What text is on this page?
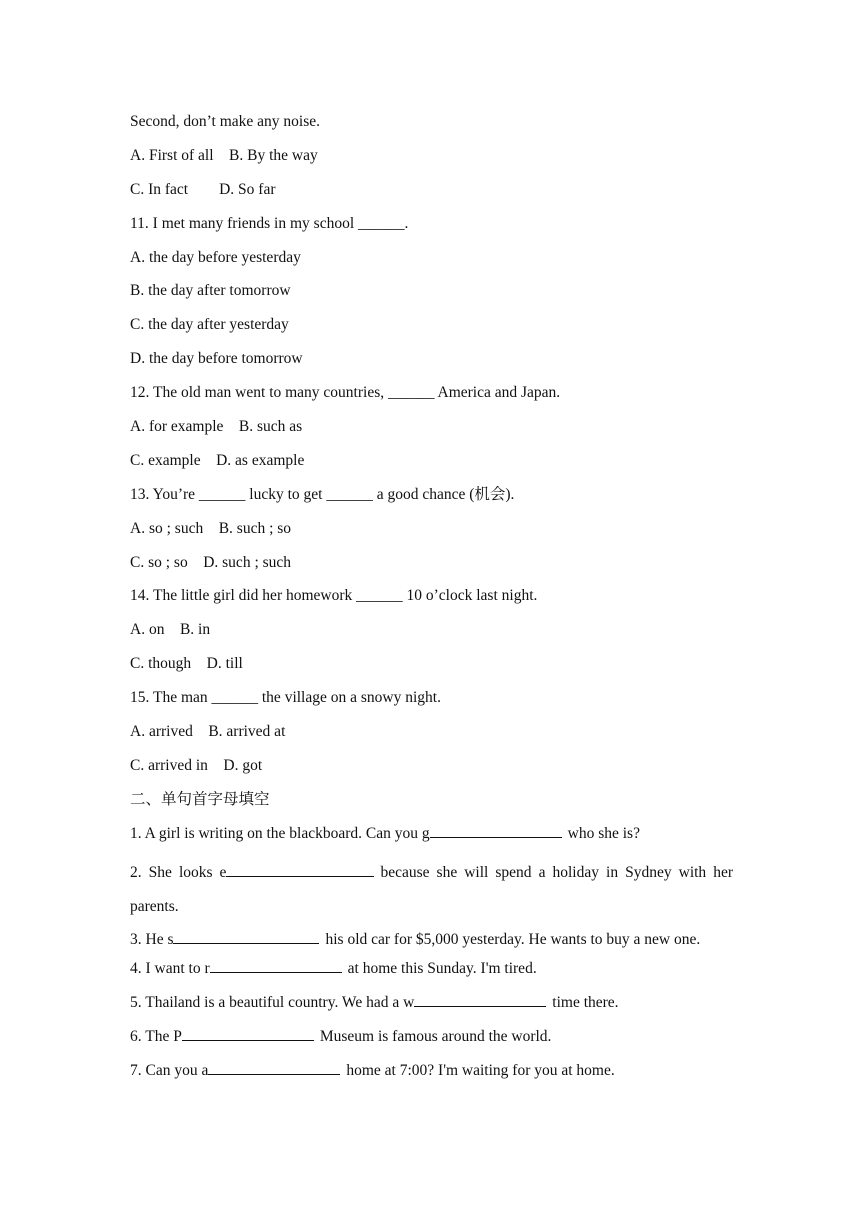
Second, don’t make any noise.
A. First of all    B. By the way
C. In fact        D. So far
11. I met many friends in my school ______.
A. the day before yesterday
B. the day after tomorrow
C. the day after yesterday
D. the day before tomorrow
12. The old man went to many countries, ______ America and Japan.
A. for example    B. such as
C. example    D. as example
13. You’re ______ lucky to get ______ a good chance (机会).
A. so ; such    B. such ; so
C. so ; so    D. such ; such
14. The little girl did her homework ______ 10 o’clock last night.
A. on    B. in
C. though    D. till
15. The man ______ the village on a snowy night.
A. arrived    B. arrived at
C. arrived in    D. got
二、单句首字母填空
1. A girl is writing on the blackboard. Can you g	who she is?
2. She looks e	because she will spend a holiday in Sydney with her parents.
3. He s	his old car for $5,000 yesterday. He wants to buy a new one.
4. I want to r	at home this Sunday. I'm tired.
5. Thailand is a beautiful country. We had a w	time there.
6. The P	Museum is famous around the world.
7. Can you a	home at 7:00? I'm waiting for you at home.
